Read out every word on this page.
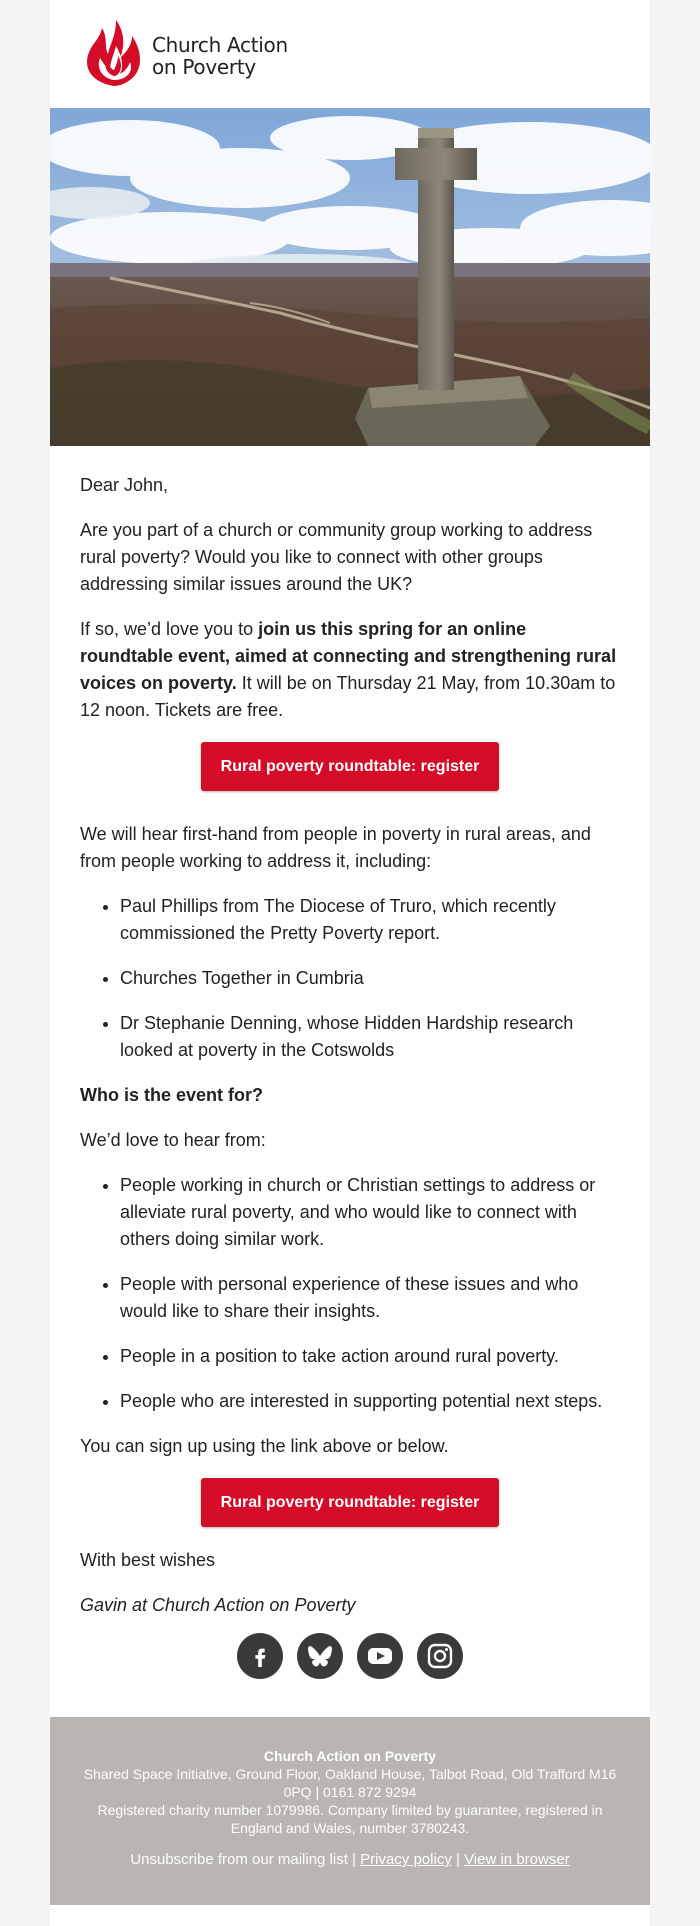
Church Action
on Poverty

Dear John,

Are you part of a church or community group working to address rural poverty? Would you like to connect with other groups addressing similar issues around the UK?

If so, we’d love you to join us this spring for an online roundtable event, aimed at connecting and strengthening rural voices on poverty. It will be on Thursday 21 May, from 10.30am to 12 noon. Tickets are free.

Rural poverty roundtable: register

We will hear first-hand from people in poverty in rural areas, and from people working to address it, including:

• Paul Phillips from The Diocese of Truro, which recently commissioned the Pretty Poverty report.
• Churches Together in Cumbria
• Dr Stephanie Denning, whose Hidden Hardship research looked at poverty in the Cotswolds
Who is the event for?

We’d love to hear from:

• People working in church or Christian settings to address or alleviate rural poverty, and who would like to connect with others doing similar work.
• People with personal experience of these issues and who would like to share their insights.
• People in a position to take action around rural poverty.
• People who are interested in supporting potential next steps.

You can sign up using the link above or below.

Rural poverty roundtable: register

With best wishes

Gavin at Church Action on Poverty

Church Action on Poverty
Shared Space Initiative, Ground Floor, Oakland House, Talbot Road, Old Trafford M16 0PQ | 0161 872 9294
Registered charity number 1079986. Company limited by guarantee, registered in England and Wales, number 3780243.
Unsubscribe from our mailing list | Privacy policy | View in browser
